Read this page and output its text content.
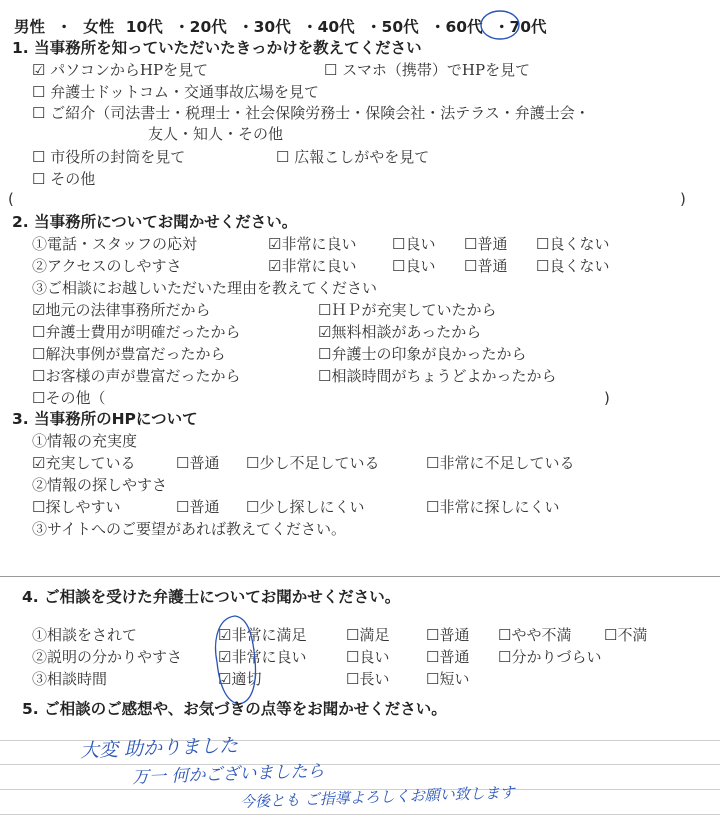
男性 ・ 女性 10代 ・20代 ・30代 ・40代 ・50代 ・60代 ・70代
1. 当事務所を知っていただいたきっかけを教えてください
☑ パソコンからHPを見て	☐ スマホ（携帯）でHPを見て
☐ 弁護士ドットコム・交通事故広場を見て
☐ ご紹介（司法書士・税理士・社会保険労務士・保険会社・法テラス・弁護士会・
友人・知人・その他
☐ 市役所の封筒を見て	☐ 広報こしがやを見て
☐ その他
(	)
2. 当事務所についてお聞かせください。
①電話・スタッフの応対	☑非常に良い ☐良い ☐普通 ☐良くない
②アクセスのしやすさ	☑非常に良い ☐良い ☐普通 ☐良くない
③ご相談にお越しいただいた理由を教えてください
☑地元の法律事務所だから	☐ＨＰが充実していたから
☐弁護士費用が明確だったから	☑無料相談があったから
☐解決事例が豊富だったから	☐弁護士の印象が良かったから
☐お客様の声が豊富だったから	☐相談時間がちょうどよかったから
☐その他（	)
3. 当事務所のHPについて
①情報の充実度
☑充実している	☐普通 ☐少し不足している	☐非常に不足している
②情報の探しやすさ
☐探しやすい	☐普通 ☐少し探しにくい	☐非常に探しにくい
③サイトへのご要望があれば教えてください。
4. ご相談を受けた弁護士についてお聞かせください。
①相談をされて	☑非常に満足	☐満足 ☐普通 ☐やや不満 ☐不満
②説明の分かりやすさ ☑非常に良い	☐良い ☐普通 ☐分かりづらい
③相談時間	☑適切	☐長い ☐短い
5. ご相談のご感想や、お気づきの点等をお聞かせください。
大変 助かりました
万一 何かございましたら
今後とも ご指導よろしくお願い致します
